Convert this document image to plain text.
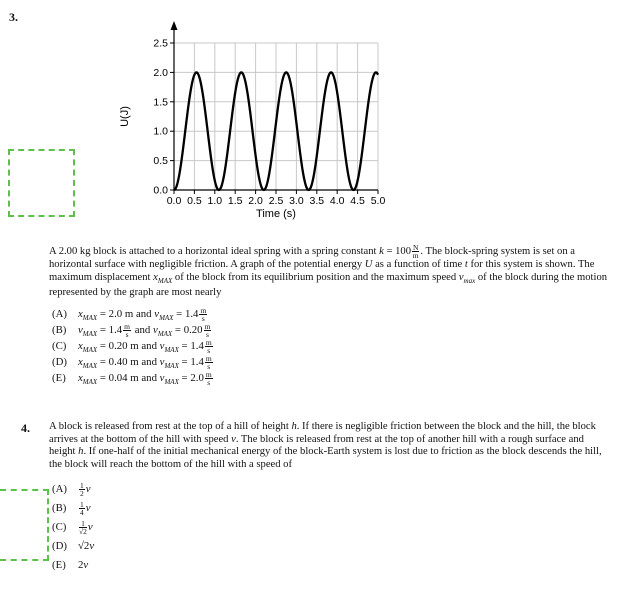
3.
0.0 0.5 1.0 1.5 2.0 2.5 3.0 3.5 4.0 4.5 5.0
0.0
0.5
1.0
1.5
2.0
2.5
Time (s)
U(J)
A 2.00 kg block is attached to a horizontal ideal spring with a spring constant $k = 100 \frac{N}{m}$ . The block-spring system is set on a horizontal surface with negligible friction. A graph of the potential energy U as a function of time t for this system is shown. The maximum displacement $x_{MAX}$ of the block from its equilibrium position and the maximum speed $v_{max}$ of the block during the motion represented by the graph are most nearly
(A) $x_{MAX} = 2.0$ m and $v_{MAX} = 1.4 \frac{m}{s}$
(B) $v_{MAX} = 1.4 \frac{m}{s}$ and $v_{MAX} = 0.20 \frac{m}{s}$
(C) $x_{MAX} = 0.20$ m and $v_{MAX} = 1.4 \frac{m}{s}$
(D) $x_{MAX} = 0.40$ m and $v_{MAX} = 1.4 \frac{m}{s}$
(E) $x_{MAX} = 0.04$ m and $v_{MAX} = 2.0 \frac{m}{s}$
4. A block is released from rest at the top of a hill of height h. If there is negligible friction between the block and the hill, the block arrives at the bottom of the hill with speed v. The block is released from rest at the top of another hill with a rough surface and height h. If one-half of the initial mechanical energy of the block-Earth system is lost due to friction as the block descends the hill, the block will reach the bottom of the hill with a speed of
$(A) \frac{1}{2}$ v
$(B) \frac{1}{4}$ v
$(C) \frac{1}{√2}$ v
(D) √2v
(E) 2v
